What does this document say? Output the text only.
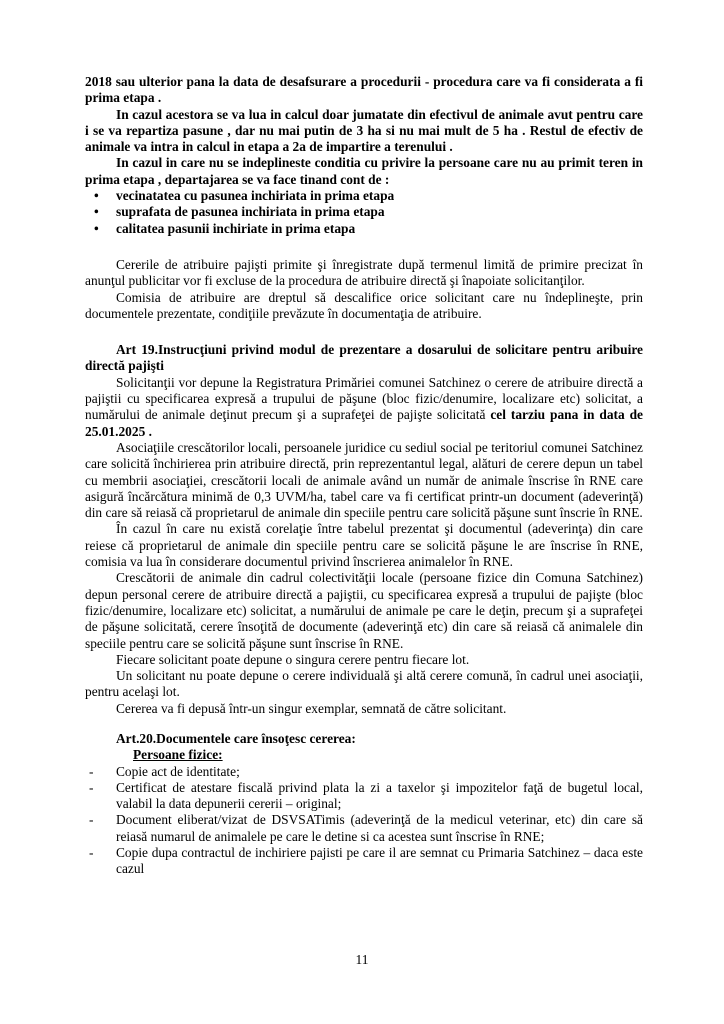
2018 sau ulterior pana la data de desafsurare a procedurii - procedura care va fi considerata a fi prima etapa .

In cazul acestora se va lua in calcul doar jumatate din efectivul de animale avut pentru care i se va repartiza pasune , dar nu mai putin de 3 ha si nu mai mult de 5 ha . Restul de efectiv de animale va intra in calcul in etapa a 2a de impartire a terenului .

In cazul in care nu se indeplineste conditia cu privire la persoane care nu au primit teren in prima etapa , departajarea se va face tinand cont de :

• vecinatatea cu pasunea inchiriata in prima etapa
• suprafata de pasunea inchiriata in prima etapa
• calitatea pasunii inchiriate in prima etapa

Cererile de atribuire pajişti primite şi înregistrate după termenul limită de primire precizat în anunţul publicitar vor fi excluse de la procedura de atribuire directă şi înapoiate solicitanţilor.

Comisia de atribuire are dreptul să descalifice orice solicitant care nu îndeplineşte, prin documentele prezentate, condiţiile prevăzute în documentaţia de atribuire.

Art 19.Instrucţiuni privind modul de prezentare a dosarului de solicitare pentru aribuire directă pajişti

Solicitanţii vor depune la Registratura Primăriei comunei Satchinez o cerere de atribuire directă a pajiştii cu specificarea expresă a trupului de păşune (bloc fizic/denumire, localizare etc) solicitat, a numărului de animale deţinut precum şi a suprafeţei de pajişte solicitată cel tarziu pana in data de 25.01.2025 .

Asociaţiile crescătorilor locali, persoanele juridice cu sediul social pe teritoriul comunei Satchinez care solicită închirierea prin atribuire directă, prin reprezentantul legal, alături de cerere depun un tabel cu membrii asociaţiei, crescătorii locali de animale având un număr de animale înscrise în RNE care asigură încărcătura minimă de 0,3 UVM/ha, tabel care va fi certificat printr-un document (adeverinţă) din care să reiasă că proprietarul de animale din speciile pentru care solicită păşune sunt înscrie în RNE.

În cazul în care nu există corelaţie între tabelul prezentat şi documentul (adeverinţa) din care reiese că proprietarul de animale din speciile pentru care se solicită păşune le are înscrise în RNE, comisia va lua în considerare documentul privind înscrierea animalelor în RNE.

Crescătorii de animale din cadrul colectivităţii locale (persoane fizice din Comuna Satchinez) depun personal cerere de atribuire directă a pajiştii, cu specificarea expresă a trupului de pajişte (bloc fizic/denumire, localizare etc) solicitat, a numărului de animale pe care le deţin, precum şi a suprafeţei de păşune solicitată, cerere însoţită de documente (adeverinţă etc) din care să reiasă că animalele din speciile pentru care se solicită păşune sunt înscrise în RNE.

Fiecare solicitant poate depune o singura cerere pentru fiecare lot.

Un solicitant nu poate depune o cerere individuală şi altă cerere comună, în cadrul unei asociaţii, pentru acelaşi lot.

Cererea va fi depusă într-un singur exemplar, semnată de către solicitant.

Art.20.Documentele care însoţesc cererea:

Persoane fizice:

- Copie act de identitate;
- Certificat de atestare fiscală privind plata la zi a taxelor şi impozitelor faţă de bugetul local, valabil la data depunerii cererii – original;
- Document eliberat/vizat de DSVSATimis (adeverinţă de la medicul veterinar, etc) din care să reiasă numarul de animalele pe care le detine si ca acestea sunt înscrise în RNE;
- Copie dupa contractul de inchiriere pajisti pe care il are semnat cu Primaria Satchinez – daca este cazul
11
